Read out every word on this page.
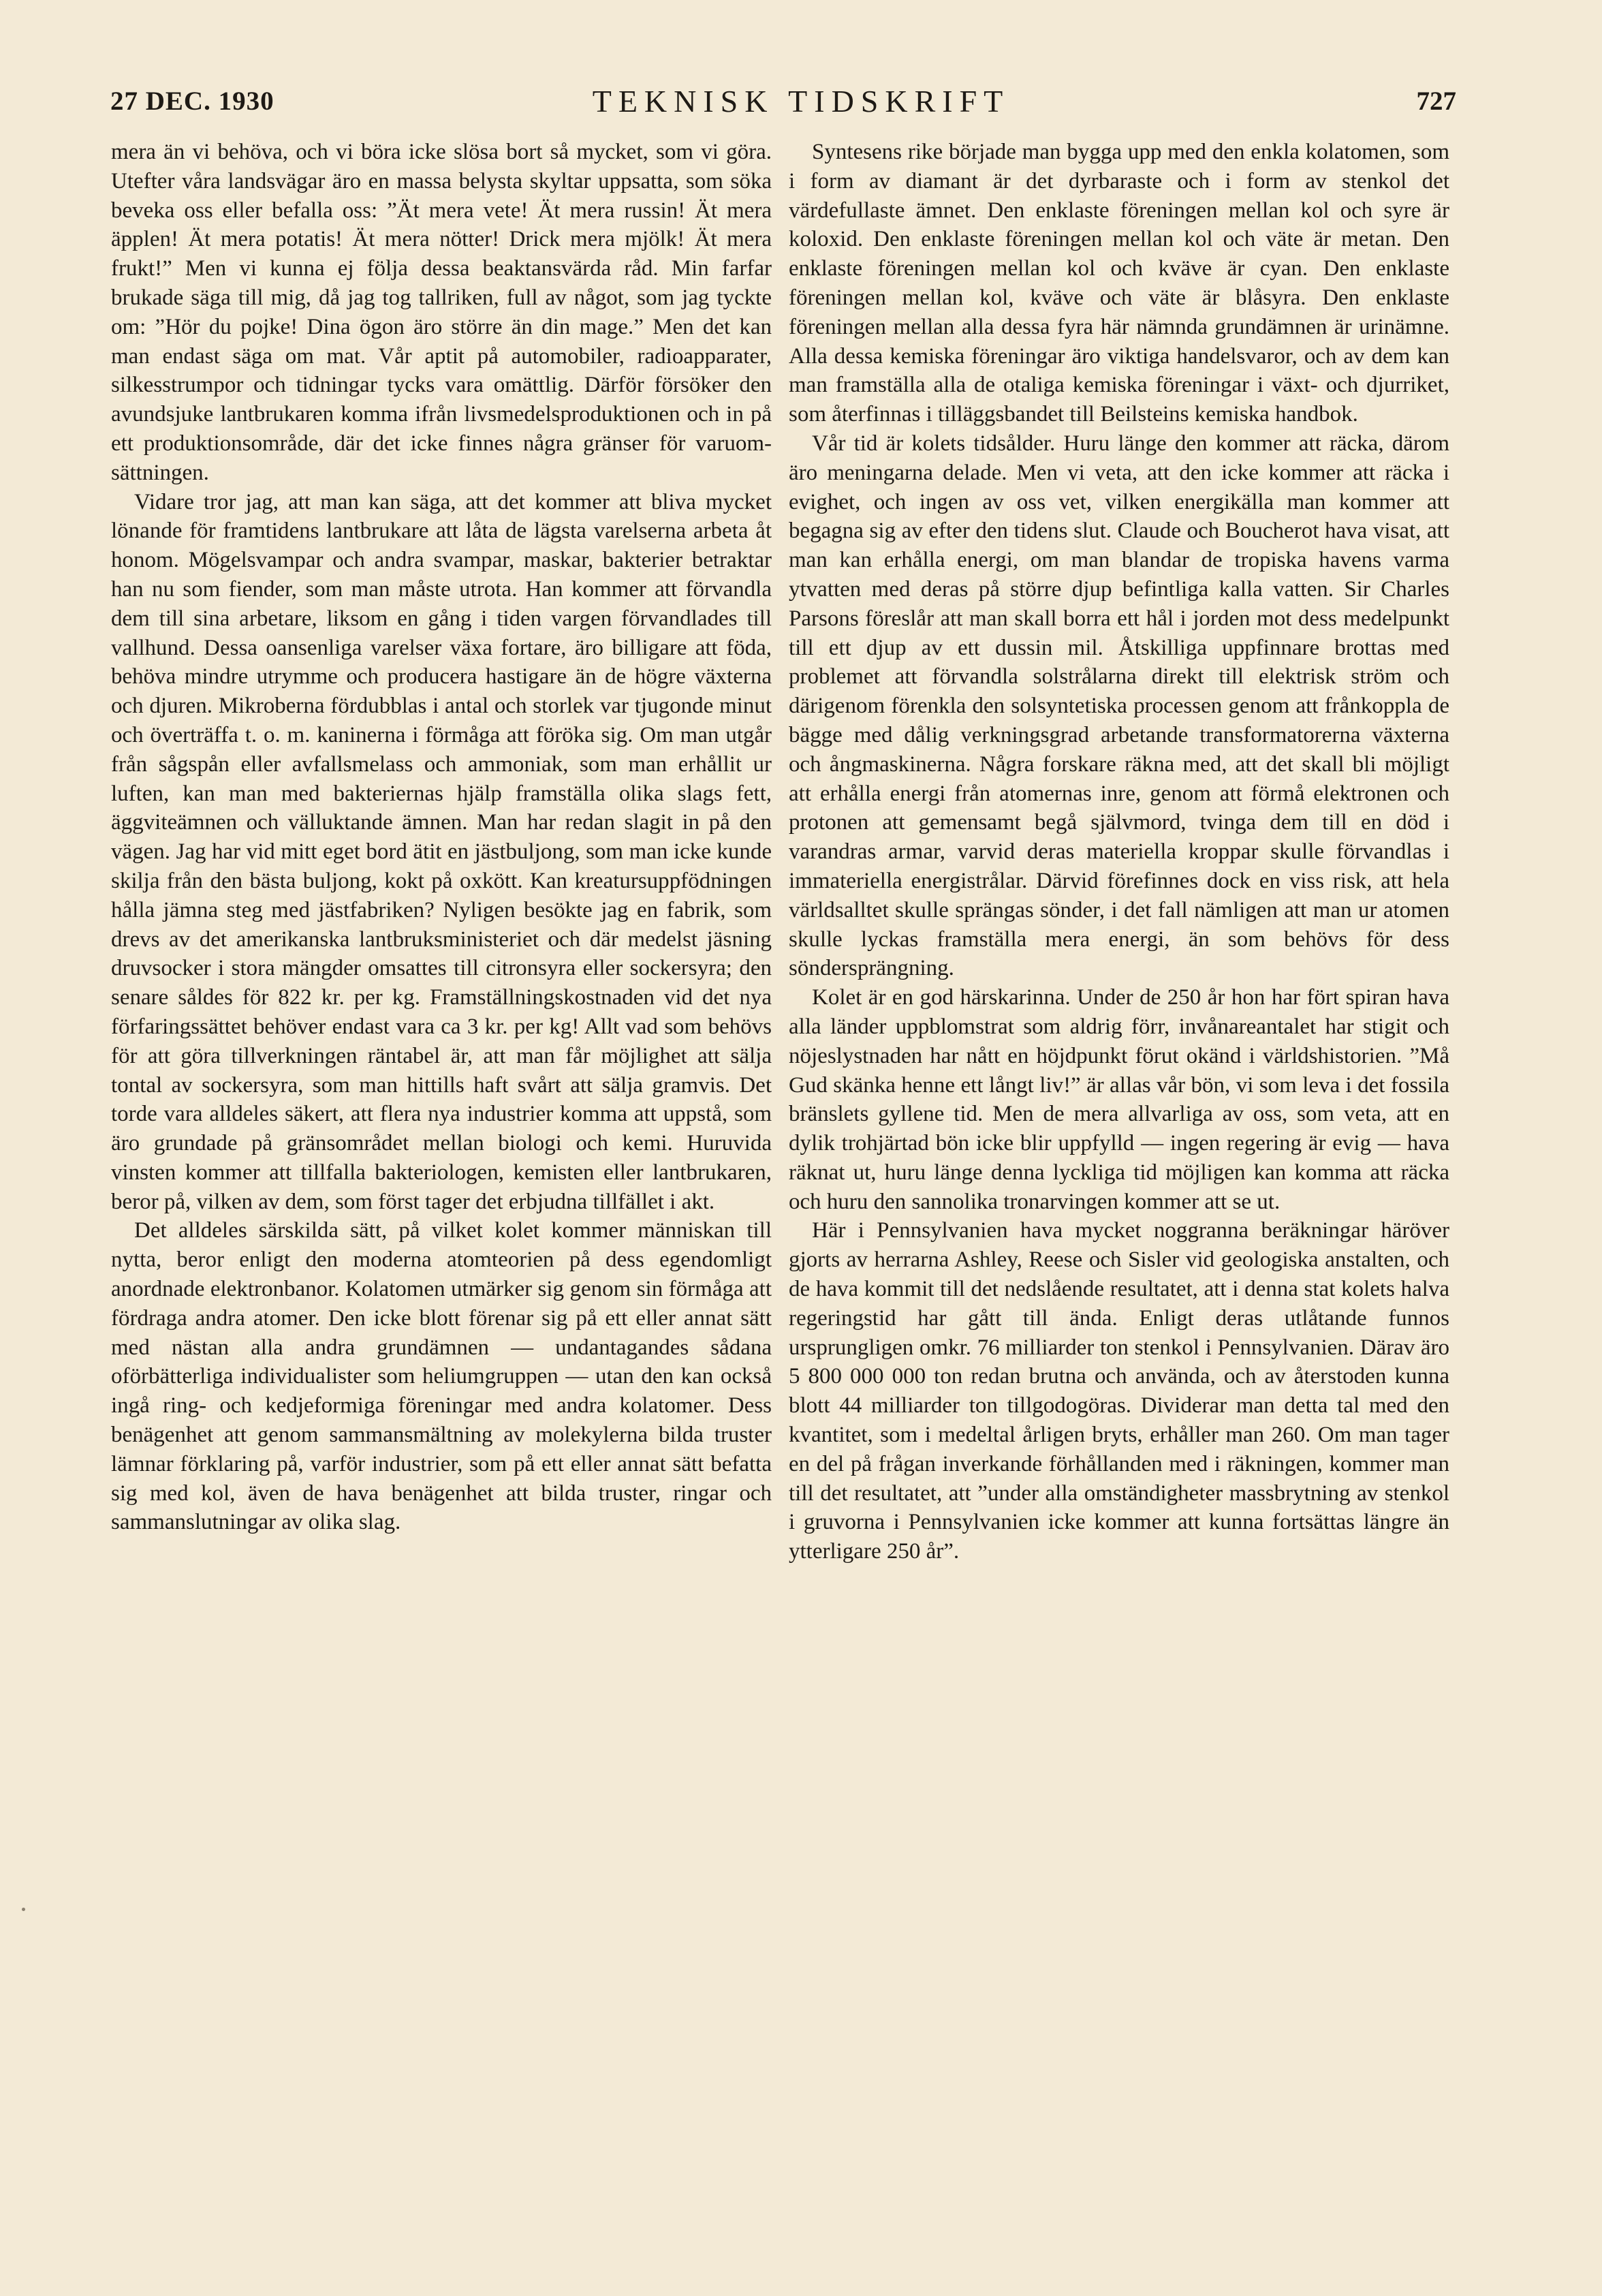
27 DEC. 1930	TEKNISK TIDSKRIFT	727

mera än vi behöva, och vi böra icke slösa bort så mycket, som vi göra. Utefter våra landsvägar äro en massa belysta skyltar uppsatta, som söka beveka oss eller befalla oss: ”Ät mera vete! Ät mera russin! Ät mera äpplen! Ät mera potatis! Ät mera nötter! Drick mera mjölk! Ät mera frukt!” Men vi kunna ej följa dessa beaktansvärda råd. Min farfar brukade säga till mig, då jag tog tallriken, full av något, som jag tyckte om: ”Hör du pojke! Dina ögon äro större än din mage.” Men det kan man endast säga om mat. Vår aptit på automobiler, radioapparater, silkesstrumpor och tidningar tycks vara omättlig. Därför försöker den avundsjuke lantbrukaren komma ifrån livsmedelsproduktionen och in på ett produktionsområde, där det icke finnes några gränser för varuomsättningen.

Vidare tror jag, att man kan säga, att det kommer att bliva mycket lönande för framtidens lantbrukare att låta de lägsta varelserna arbeta åt honom. Mögelsvampar och andra svampar, maskar, bakterier betraktar han nu som fiender, som man måste utrota. Han kommer att förvandla dem till sina arbetare, liksom en gång i tiden vargen förvandlades till vallhund. Dessa oansenliga varelser växa fortare, äro billigare att föda, behöva mindre utrymme och producera hastigare än de högre växterna och djuren. Mikroberna fördubblas i antal och storlek var tjugonde minut och överträffa t. o. m. kaninerna i förmåga att föröka sig. Om man utgår från sågspån eller avfallsmelass och ammoniak, som man erhållit ur luften, kan man med bakteriernas hjälp framställa olika slags fett, äggviteämnen och välluktande ämnen. Man har redan slagit in på den vägen. Jag har vid mitt eget bord ätit en jästbuljong, som man icke kunde skilja från den bästa buljong, kokt på oxkött. Kan kreatursuppfödningen hålla jämna steg med jästfabriken? Nyligen besökte jag en fabrik, som drevs av det amerikanska lantbruksministeriet och där medelst jäsning druvsocker i stora mängder omsattes till citronsyra eller sockersyra; den senare såldes för 822 kr. per kg. Framställningskostnaden vid det nya förfaringssättet behöver endast vara ca 3 kr. per kg! Allt vad som behövs för att göra tillverkningen räntabel är, att man får möjlighet att sälja tontal av sockersyra, som man hittills haft svårt att sälja gramvis. Det torde vara alldeles säkert, att flera nya industrier komma att uppstå, som äro grundade på gränsområdet mellan biologi och kemi. Huruvida vinsten kommer att tillfalla bakteriologen, kemisten eller lantbrukaren, beror på, vilken av dem, som först tager det erbjudna tillfället i akt.

Det alldeles särskilda sätt, på vilket kolet kommer människan till nytta, beror enligt den moderna atomteorien på dess egendomligt anordnade elektronbanor. Kolatomen utmärker sig genom sin förmåga att fördraga andra atomer. Den icke blott förenar sig på ett eller annat sätt med nästan alla andra grundämnen — undantagandes sådana oförbätterliga individualister som heliumgruppen — utan den kan också ingå ring- och kedjeformiga föreningar med andra kolatomer. Dess benägenhet att genom sammansmältning av molekylerna bilda truster lämnar förklaring på, varför industrier, som på ett eller annat sätt befatta sig med kol, även de hava benägenhet att bilda truster, ringar och sammanslutningar av olika slag.

Syntesens rike började man bygga upp med den enkla kolatomen, som i form av diamant är det dyrbaraste och i form av stenkol det värdefullaste ämnet. Den enklaste föreningen mellan kol och syre är koloxid. Den enklaste föreningen mellan kol och väte är metan. Den enklaste föreningen mellan kol och kväve är cyan. Den enklaste föreningen mellan kol, kväve och väte är blåsyra. Den enklaste föreningen mellan alla dessa fyra här nämnda grundämnen är urinämne. Alla dessa kemiska föreningar äro viktiga handelsvaror, och av dem kan man framställa alla de otaliga kemiska föreningar i växt- och djurriket, som återfinnas i tilläggsbandet till Beilsteins kemiska handbok.

Vår tid är kolets tidsålder. Huru länge den kommer att räcka, därom äro meningarna delade. Men vi veta, att den icke kommer att räcka i evighet, och ingen av oss vet, vilken energikälla man kommer att begagna sig av efter den tidens slut. Claude och Boucherot hava visat, att man kan erhålla energi, om man blandar de tropiska havens varma ytvatten med deras på större djup befintliga kalla vatten. Sir Charles Parsons föreslår att man skall borra ett hål i jorden mot dess medelpunkt till ett djup av ett dussin mil. Åtskilliga uppfinnare brottas med problemet att förvandla solstrålarna direkt till elektrisk ström och därigenom förenkla den solsyntetiska processen genom att frånkoppla de bägge med dålig verkningsgrad arbetande transformatorerna växterna och ångmaskinerna. Några forskare räkna med, att det skall bli möjligt att erhålla energi från atomernas inre, genom att förmå elektronen och protonen att gemensamt begå självmord, tvinga dem till en död i varandras armar, varvid deras materiella kroppar skulle förvandlas i immateriella energistrålar. Därvid förefinnes dock en viss risk, att hela världsalltet skulle sprängas sönder, i det fall nämligen att man ur atomen skulle lyckas framställa mera energi, än som behövs för dess söndersprängning.

Kolet är en god härskarinna. Under de 250 år hon har fört spiran hava alla länder uppblomstrat som aldrig förr, invånareantalet har stigit och nöjeslystnaden har nått en höjdpunkt förut okänd i världshistorien. ”Må Gud skänka henne ett långt liv!” är allas vår bön, vi som leva i det fossila bränslets gyllene tid. Men de mera allvarliga av oss, som veta, att en dylik trohjärtad bön icke blir uppfylld — ingen regering är evig — hava räknat ut, huru länge denna lyckliga tid möjligen kan komma att räcka och huru den sannolika tronarvingen kommer att se ut.

Här i Pennsylvanien hava mycket noggranna beräkningar häröver gjorts av herrarna Ashley, Reese och Sisler vid geologiska anstalten, och de hava kommit till det nedslående resultatet, att i denna stat kolets halva regeringstid har gått till ända. Enligt deras utlåtande funnos ursprungligen omkr. 76 milliarder ton stenkol i Pennsylvanien. Därav äro 5 800 000 000 ton redan brutna och använda, och av återstoden kunna blott 44 milliarder ton tillgodogöras. Dividerar man detta tal med den kvantitet, som i medeltal årligen bryts, erhåller man 260. Om man tager en del på frågan inverkande förhållanden med i räkningen, kommer man till det resultatet, att ”under alla omständigheter massbrytning av stenkol i gruvorna i Pennsylvanien icke kommer att kunna fortsättas längre än ytterligare 250 år”.
